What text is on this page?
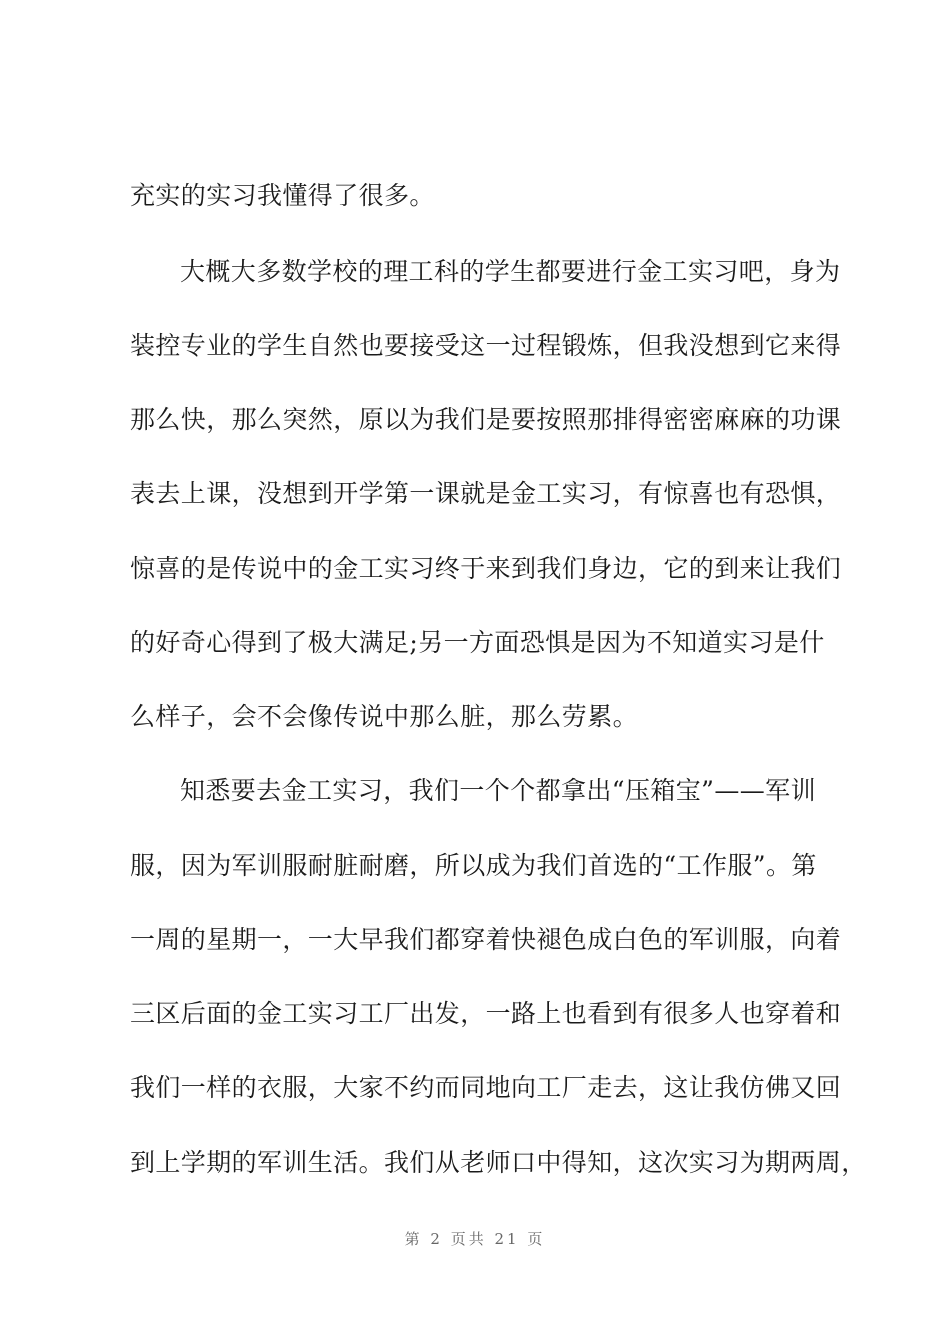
充实的实习我懂得了很多。
大概大多数学校的理工科的学生都要进行金工实习吧，身为
装控专业的学生自然也要接受这一过程锻炼，但我没想到它来得
那么快，那么突然，原以为我们是要按照那排得密密麻麻的功课
表去上课，没想到开学第一课就是金工实习，有惊喜也有恐惧，
惊喜的是传说中的金工实习终于来到我们身边，它的到来让我们
的好奇心得到了极大满足;另一方面恐惧是因为不知道实习是什
么样子，会不会像传说中那么脏，那么劳累。
知悉要去金工实习，我们一个个都拿出“压箱宝”——军训
服，因为军训服耐脏耐磨，所以成为我们首选的“工作服”。第
一周的星期一，一大早我们都穿着快褪色成白色的军训服，向着
三区后面的金工实习工厂出发，一路上也看到有很多人也穿着和
我们一样的衣服，大家不约而同地向工厂走去，这让我仿佛又回
到上学期的军训生活。我们从老师口中得知，这次实习为期两周，
第 2 页共 21 页
